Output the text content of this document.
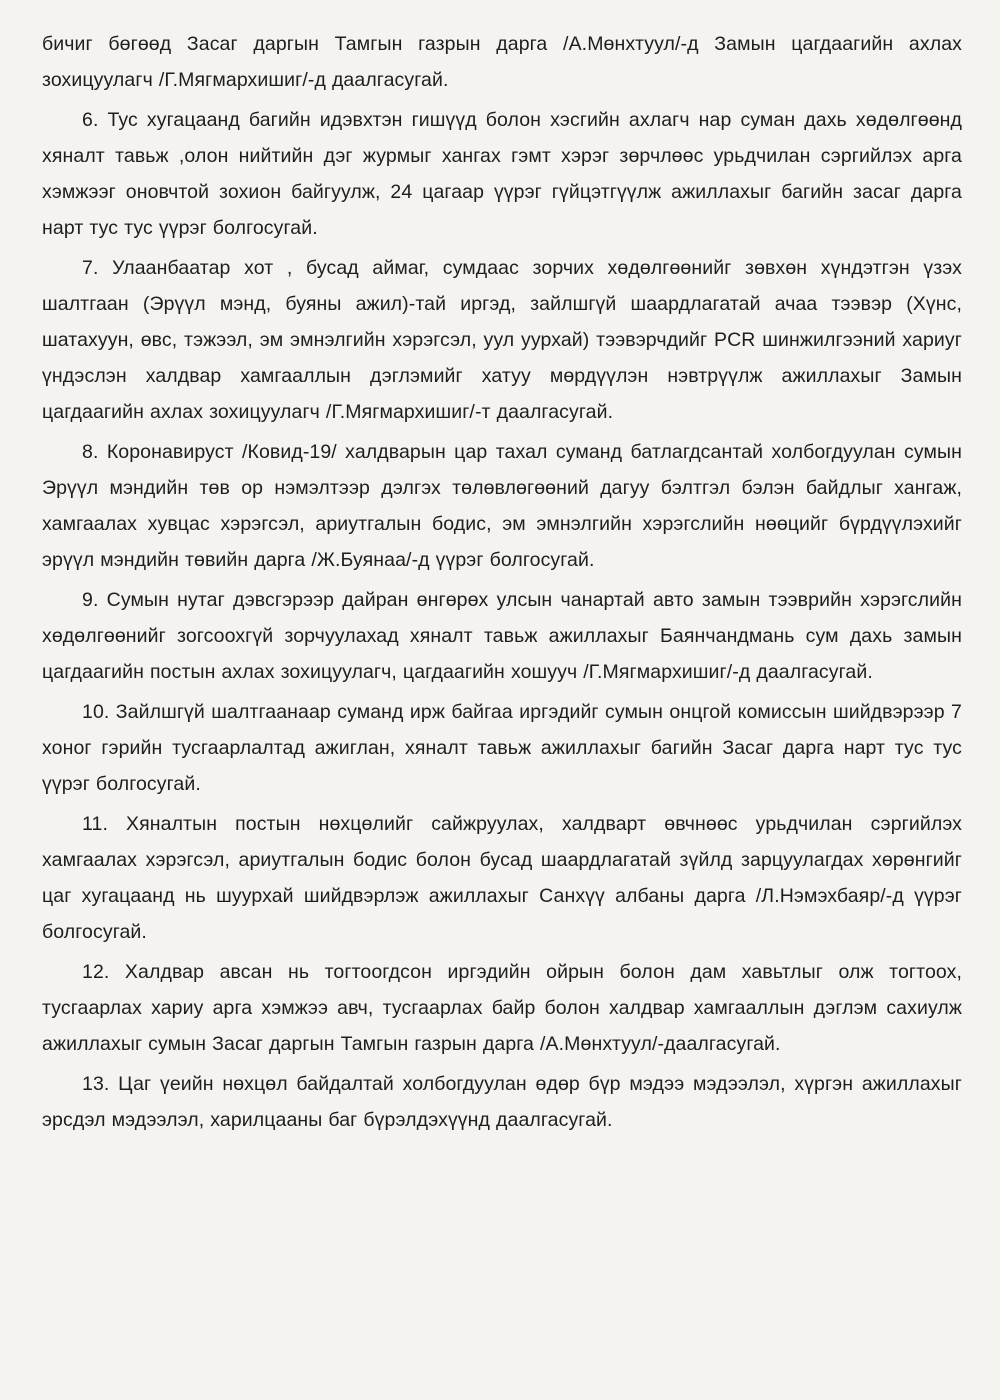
бичиг бөгөөд Засаг даргын Тамгын газрын дарга /А.Мөнхтуул/-д Замын цагдаагийн ахлах зохицуулагч /Г.Мягмархишиг/-д даалгасугай.

6. Тус хугацаанд багийн идэвхтэн гишүүд болон хэсгийн ахлагч нар суман дахь хөдөлгөөнд хяналт тавьж ,олон нийтийн дэг журмыг хангах гэмт хэрэг зөрчлөөс урьдчилан сэргийлэх арга хэмжээг оновчтой зохион байгуулж, 24 цагаар үүрэг гүйцэтгүүлж ажиллахыг багийн засаг дарга нарт тус тус үүрэг болгосугай.

7. Улаанбаатар хот , бусад аймаг, сумдаас зорчих хөдөлгөөнийг зөвхөн хүндэтгэн үзэх шалтгаан (Эрүүл мэнд, буяны ажил)-тай иргэд, зайлшгүй шаардлагатай ачаа тээвэр (Хүнс, шатахуун, өвс, тэжээл, эм эмнэлгийн хэрэгсэл, уул уурхай) тээвэрчдийг PCR шинжилгээний хариуг үндэслэн халдвар хамгааллын дэглэмийг хатуу мөрдүүлэн нэвтрүүлж ажиллахыг Замын цагдаагийн ахлах зохицуулагч /Г.Мягмархишиг/-т даалгасугай.

8. Коронавируст /Ковид-19/ халдварын цар тахал суманд батлагдсантай холбогдуулан сумын Эрүүл мэндийн төв ор нэмэлтээр дэлгэх төлөвлөгөөний дагуу бэлтгэл бэлэн байдлыг хангаж, хамгаалах хувцас хэрэгсэл, ариутгалын бодис, эм эмнэлгийн хэрэгслийн нөөцийг бүрдүүлэхийг эрүүл мэндийн төвийн дарга /Ж.Буянаа/-д үүрэг болгосугай.

9. Сумын нутаг дэвсгэрээр дайран өнгөрөх улсын чанартай авто замын тээврийн хэрэгслийн хөдөлгөөнийг зогсоохгүй зорчуулахад хяналт тавьж ажиллахыг Баянчандмань сум дахь замын цагдаагийн постын ахлах зохицуулагч, цагдаагийн хошууч /Г.Мягмархишиг/-д даалгасугай.

10. Зайлшгүй шалтгаанаар суманд ирж байгаа иргэдийг сумын онцгой комиссын шийдвэрээр 7 хоног гэрийн тусгаарлалтад ажиглан, хяналт тавьж ажиллахыг багийн Засаг дарга нарт тус тус үүрэг болгосугай.

11. Хяналтын постын нөхцөлийг сайжруулах, халдварт өвчнөөс урьдчилан сэргийлэх хамгаалах хэрэгсэл, ариутгалын бодис болон бусад шаардлагатай зүйлд зарцуулагдах хөрөнгийг цаг хугацаанд нь шуурхай шийдвэрлэж ажиллахыг Санхүү албаны дарга /Л.Нэмэхбаяр/-д үүрэг болгосугай.

12. Халдвар авсан нь тогтоогдсон иргэдийн ойрын болон дам хавьтлыг олж тогтоох, тусгаарлах хариу арга хэмжээ авч, тусгаарлах байр болон халдвар хамгааллын дэглэм сахиулж ажиллахыг сумын Засаг даргын Тамгын газрын дарга /А.Мөнхтуул/-даалгасугай.

13. Цаг үеийн нөхцөл байдалтай холбогдуулан өдөр бүр мэдээ мэдээлэл, хүргэн ажиллахыг эрсдэл мэдээлэл, харилцааны баг бүрэлдэхүүнд даалгасугай.
